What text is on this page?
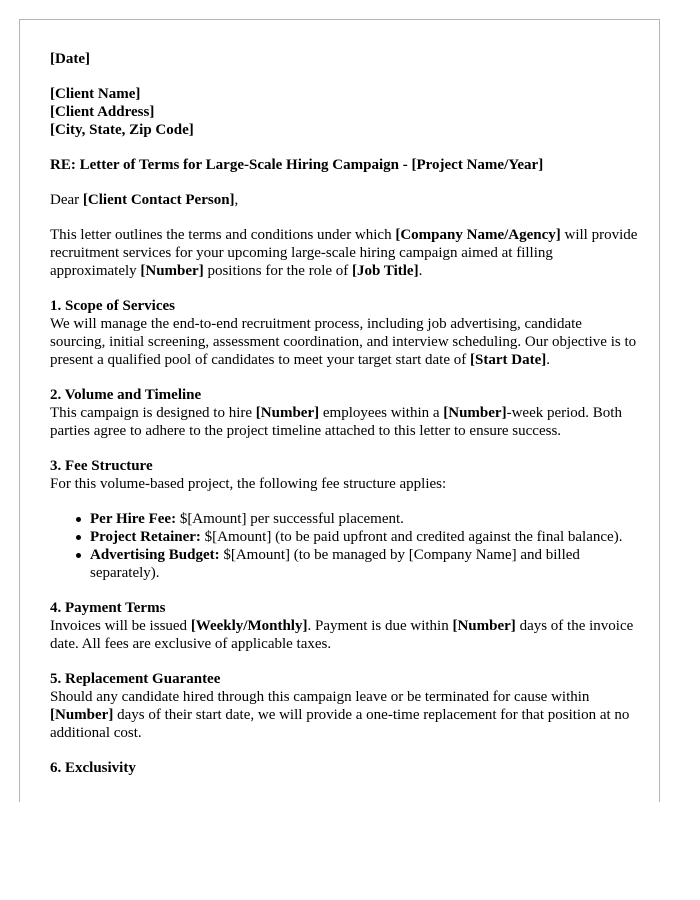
[Date]

[Client Name]

[Client Address]

[City, State, Zip Code]

RE: Letter of Terms for Large-Scale Hiring Campaign - [Project Name/Year]

Dear [Client Contact Person],

This letter outlines the terms and conditions under which [Company Name/Agency] will provide recruitment services for your upcoming large-scale hiring campaign aimed at filling approximately [Number] positions for the role of [Job Title].

1. Scope of Services

We will manage the end-to-end recruitment process, including job advertising, candidate sourcing, initial screening, assessment coordination, and interview scheduling. Our objective is to present a qualified pool of candidates to meet your target start date of [Start Date].

2. Volume and Timeline

This campaign is designed to hire [Number] employees within a [Number]-week period. Both parties agree to adhere to the project timeline attached to this letter to ensure success.

3. Fee Structure

For this volume-based project, the following fee structure applies:

Per Hire Fee: $[Amount] per successful placement.
Project Retainer: $[Amount] (to be paid upfront and credited against the final balance).
Advertising Budget: $[Amount] (to be managed by [Company Name] and billed separately).

4. Payment Terms

Invoices will be issued [Weekly/Monthly]. Payment is due within [Number] days of the invoice date. All fees are exclusive of applicable taxes.

5. Replacement Guarantee

Should any candidate hired through this campaign leave or be terminated for cause within [Number] days of their start date, we will provide a one-time replacement for that position at no additional cost.

6. Exclusivity
